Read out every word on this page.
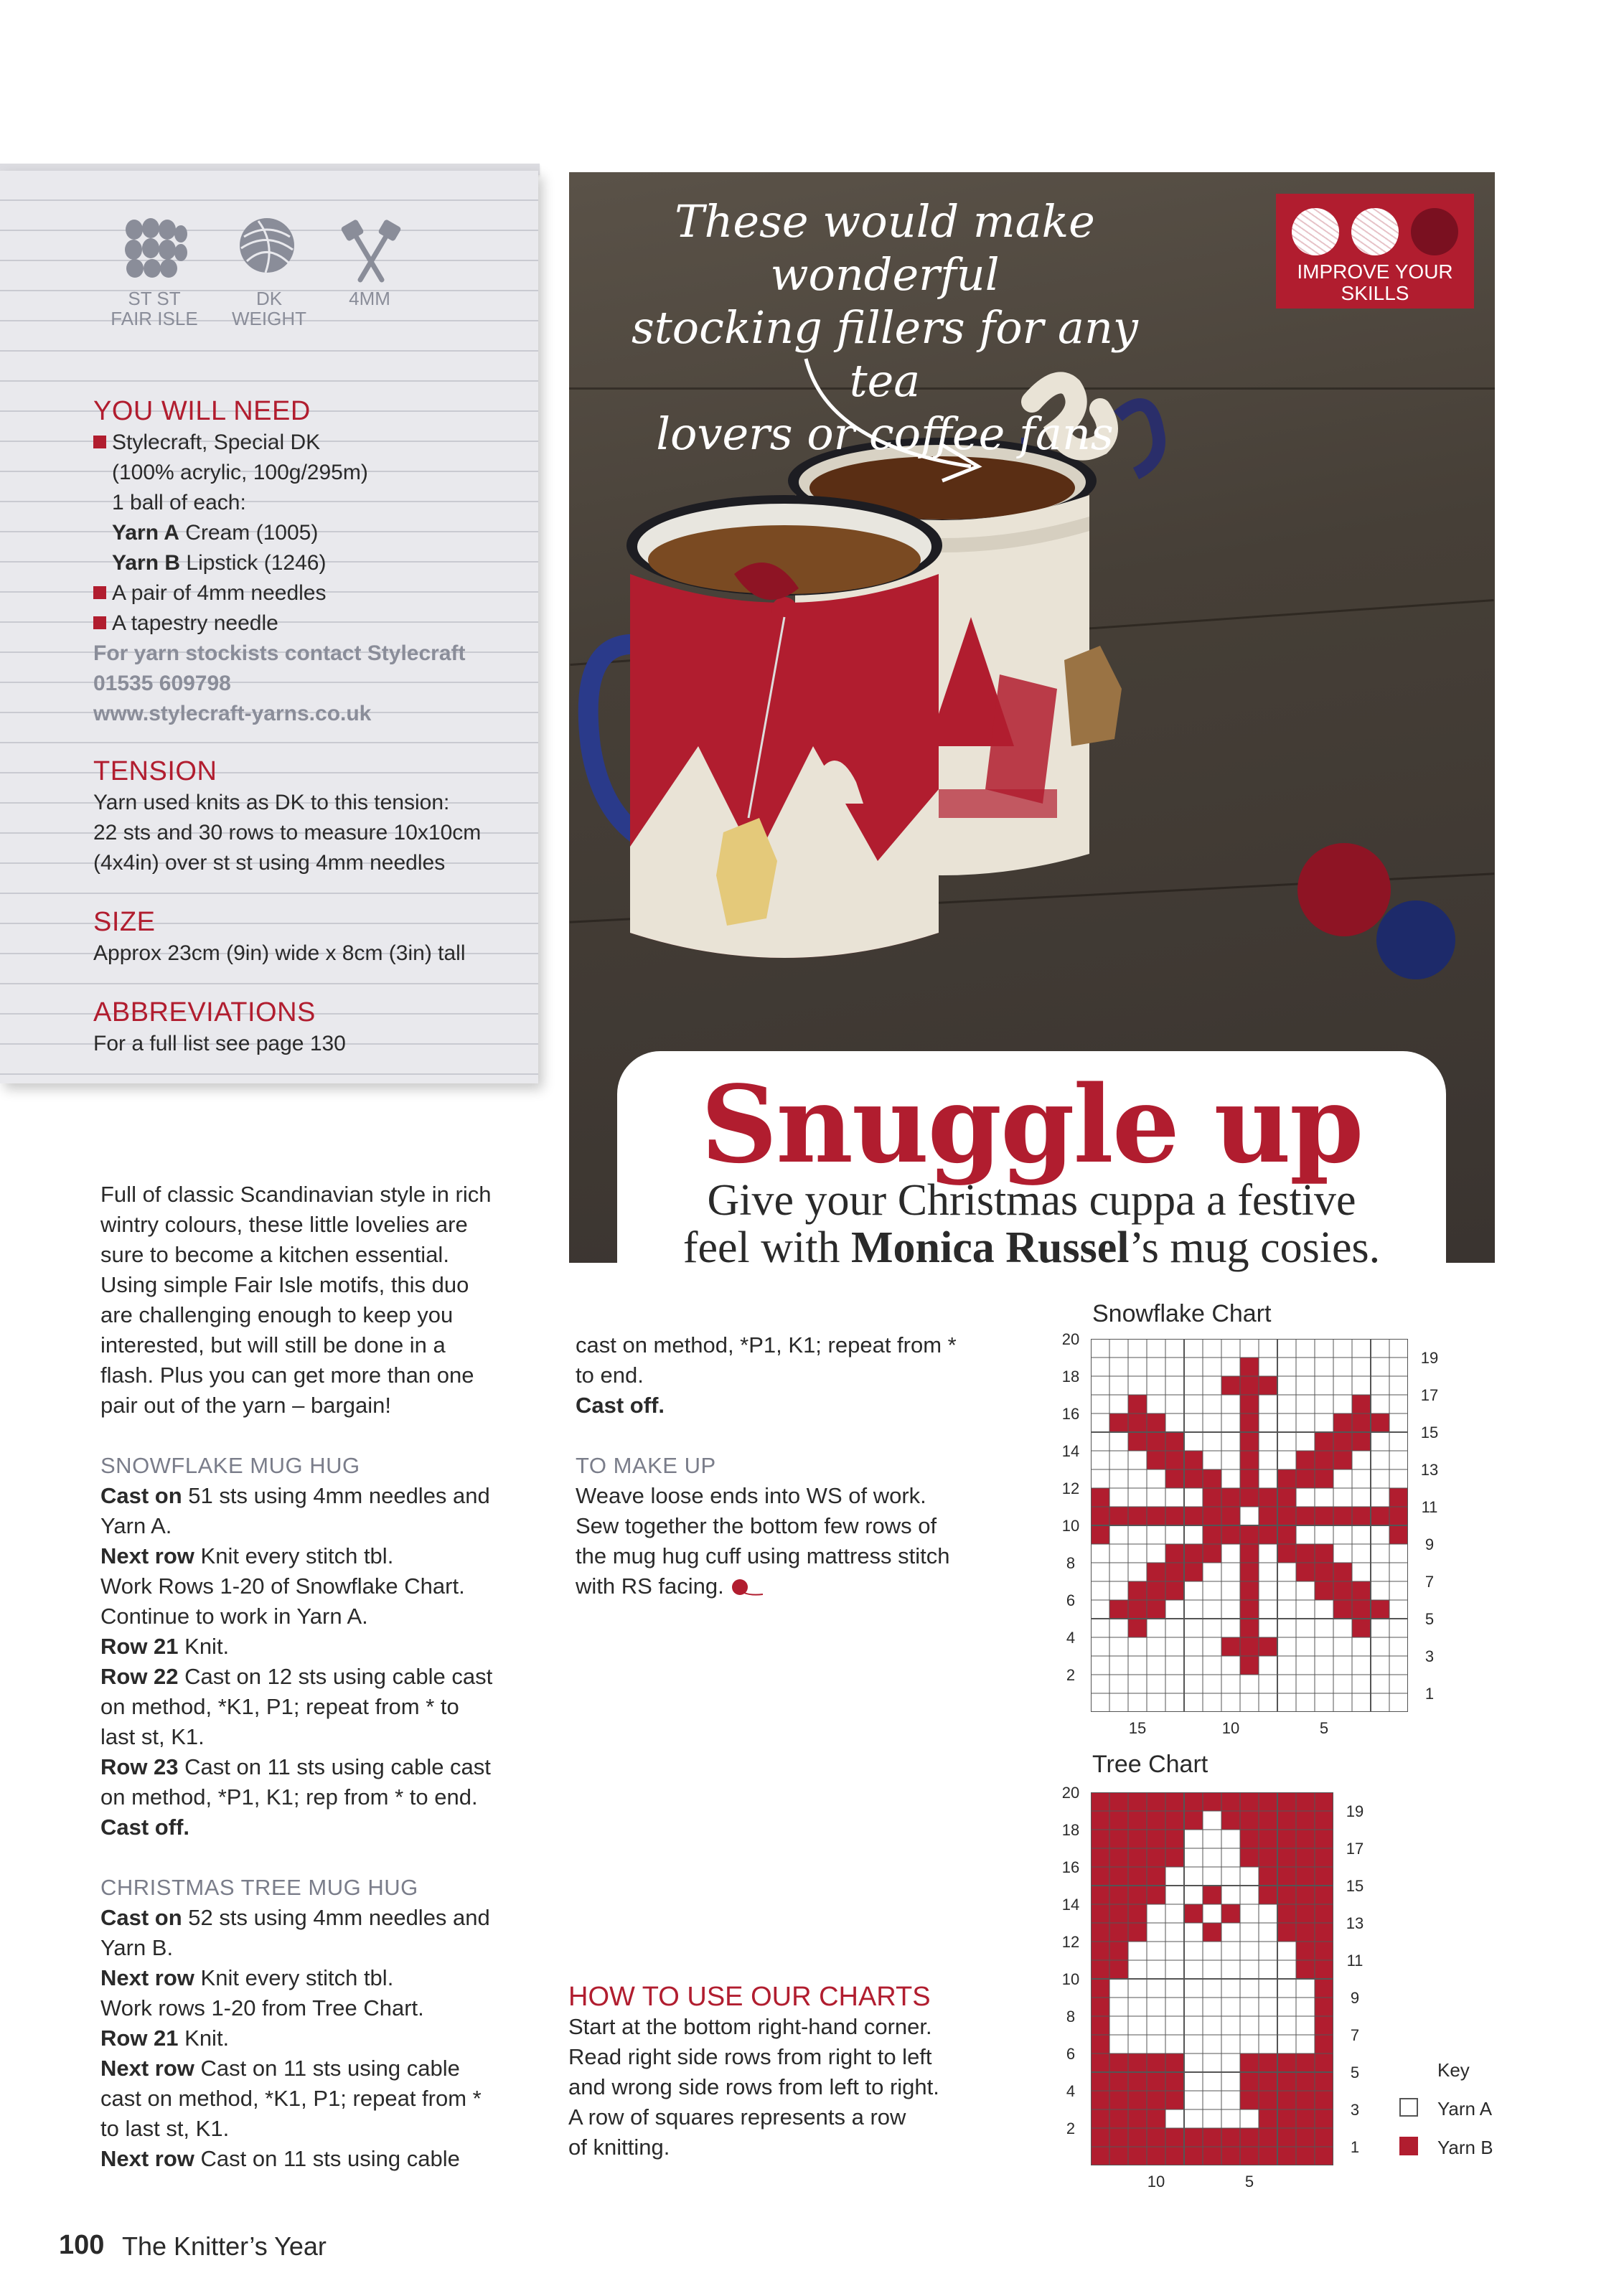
ST ST
FAIR ISLE
DK
WEIGHT
4MM
YOU WILL NEED
Stylecraft, Special DK
(100% acrylic, 100g/295m)
1 ball of each:
Yarn A Cream (1005)
Yarn B Lipstick (1246)
A pair of 4mm needles
A tapestry needle
For yarn stockists contact Stylecraft
01535 609798
www.stylecraft-yarns.co.uk
TENSION
Yarn used knits as DK to this tension:
22 sts and 30 rows to measure 10x10cm
(4x4in) over st st using 4mm needles
SIZE
Approx 23cm (9in) wide x 8cm (3in) tall
ABBREVIATIONS
For a full list see page 130
These would make wonderful
stocking fillers for any tea
lovers or coffee fans
IMPROVE YOUR
SKILLS
Snuggle up
Give your Christmas cuppa a festive
feel with Monica Russel’s mug cosies.

Full of classic Scandinavian style in rich

wintry colours, these little lovelies are

sure to become a kitchen essential.

Using simple Fair Isle motifs, this duo

are challenging enough to keep you

interested, but will still be done in a

flash. Plus you can get more than one

pair out of the yarn – bargain!

SNOWFLAKE MUG HUG

Cast on 51 sts using 4mm needles and

Yarn A.

Next row Knit every stitch tbl.

Work Rows 1-20 of Snowflake Chart.

Continue to work in Yarn A.

Row 21 Knit.

Row 22 Cast on 12 sts using cable cast

on method, *K1, P1; repeat from * to

last st, K1.

Row 23 Cast on 11 sts using cable cast

on method, *P1, K1; rep from * to end.

Cast off.

CHRISTMAS TREE MUG HUG

Cast on 52 sts using 4mm needles and

Yarn B.

Next row Knit every stitch tbl.

Work rows 1-20 from Tree Chart.

Row 21 Knit.

Next row Cast on 11 sts using cable

cast on method, *K1, P1; repeat from *

to last st, K1.

Next row Cast on 11 sts using cable

cast on method, *P1, K1; repeat from *

to end.

Cast off.

TO MAKE UP

Weave loose ends into WS of work.

Sew together the bottom few rows of

the mug hug cuff using mattress stitch

with RS facing.

HOW TO USE OUR CHARTS

Start at the bottom right-hand corner.

Read right side rows from right to left

and wrong side rows from left to right.

A row of squares represents a row

of knitting.

Snowflake Chart
20
18
16
14
12
10
8
6
4
2
19
17
15
13
11
9
7
5
3
1
15	10	5
Tree Chart
20
18
16
14
12
10
8
6
4
2
19
17
15
13
11
9
7
5
3
1
10	5
Key
Yarn A
Yarn B
100 The Knitter’s Year
